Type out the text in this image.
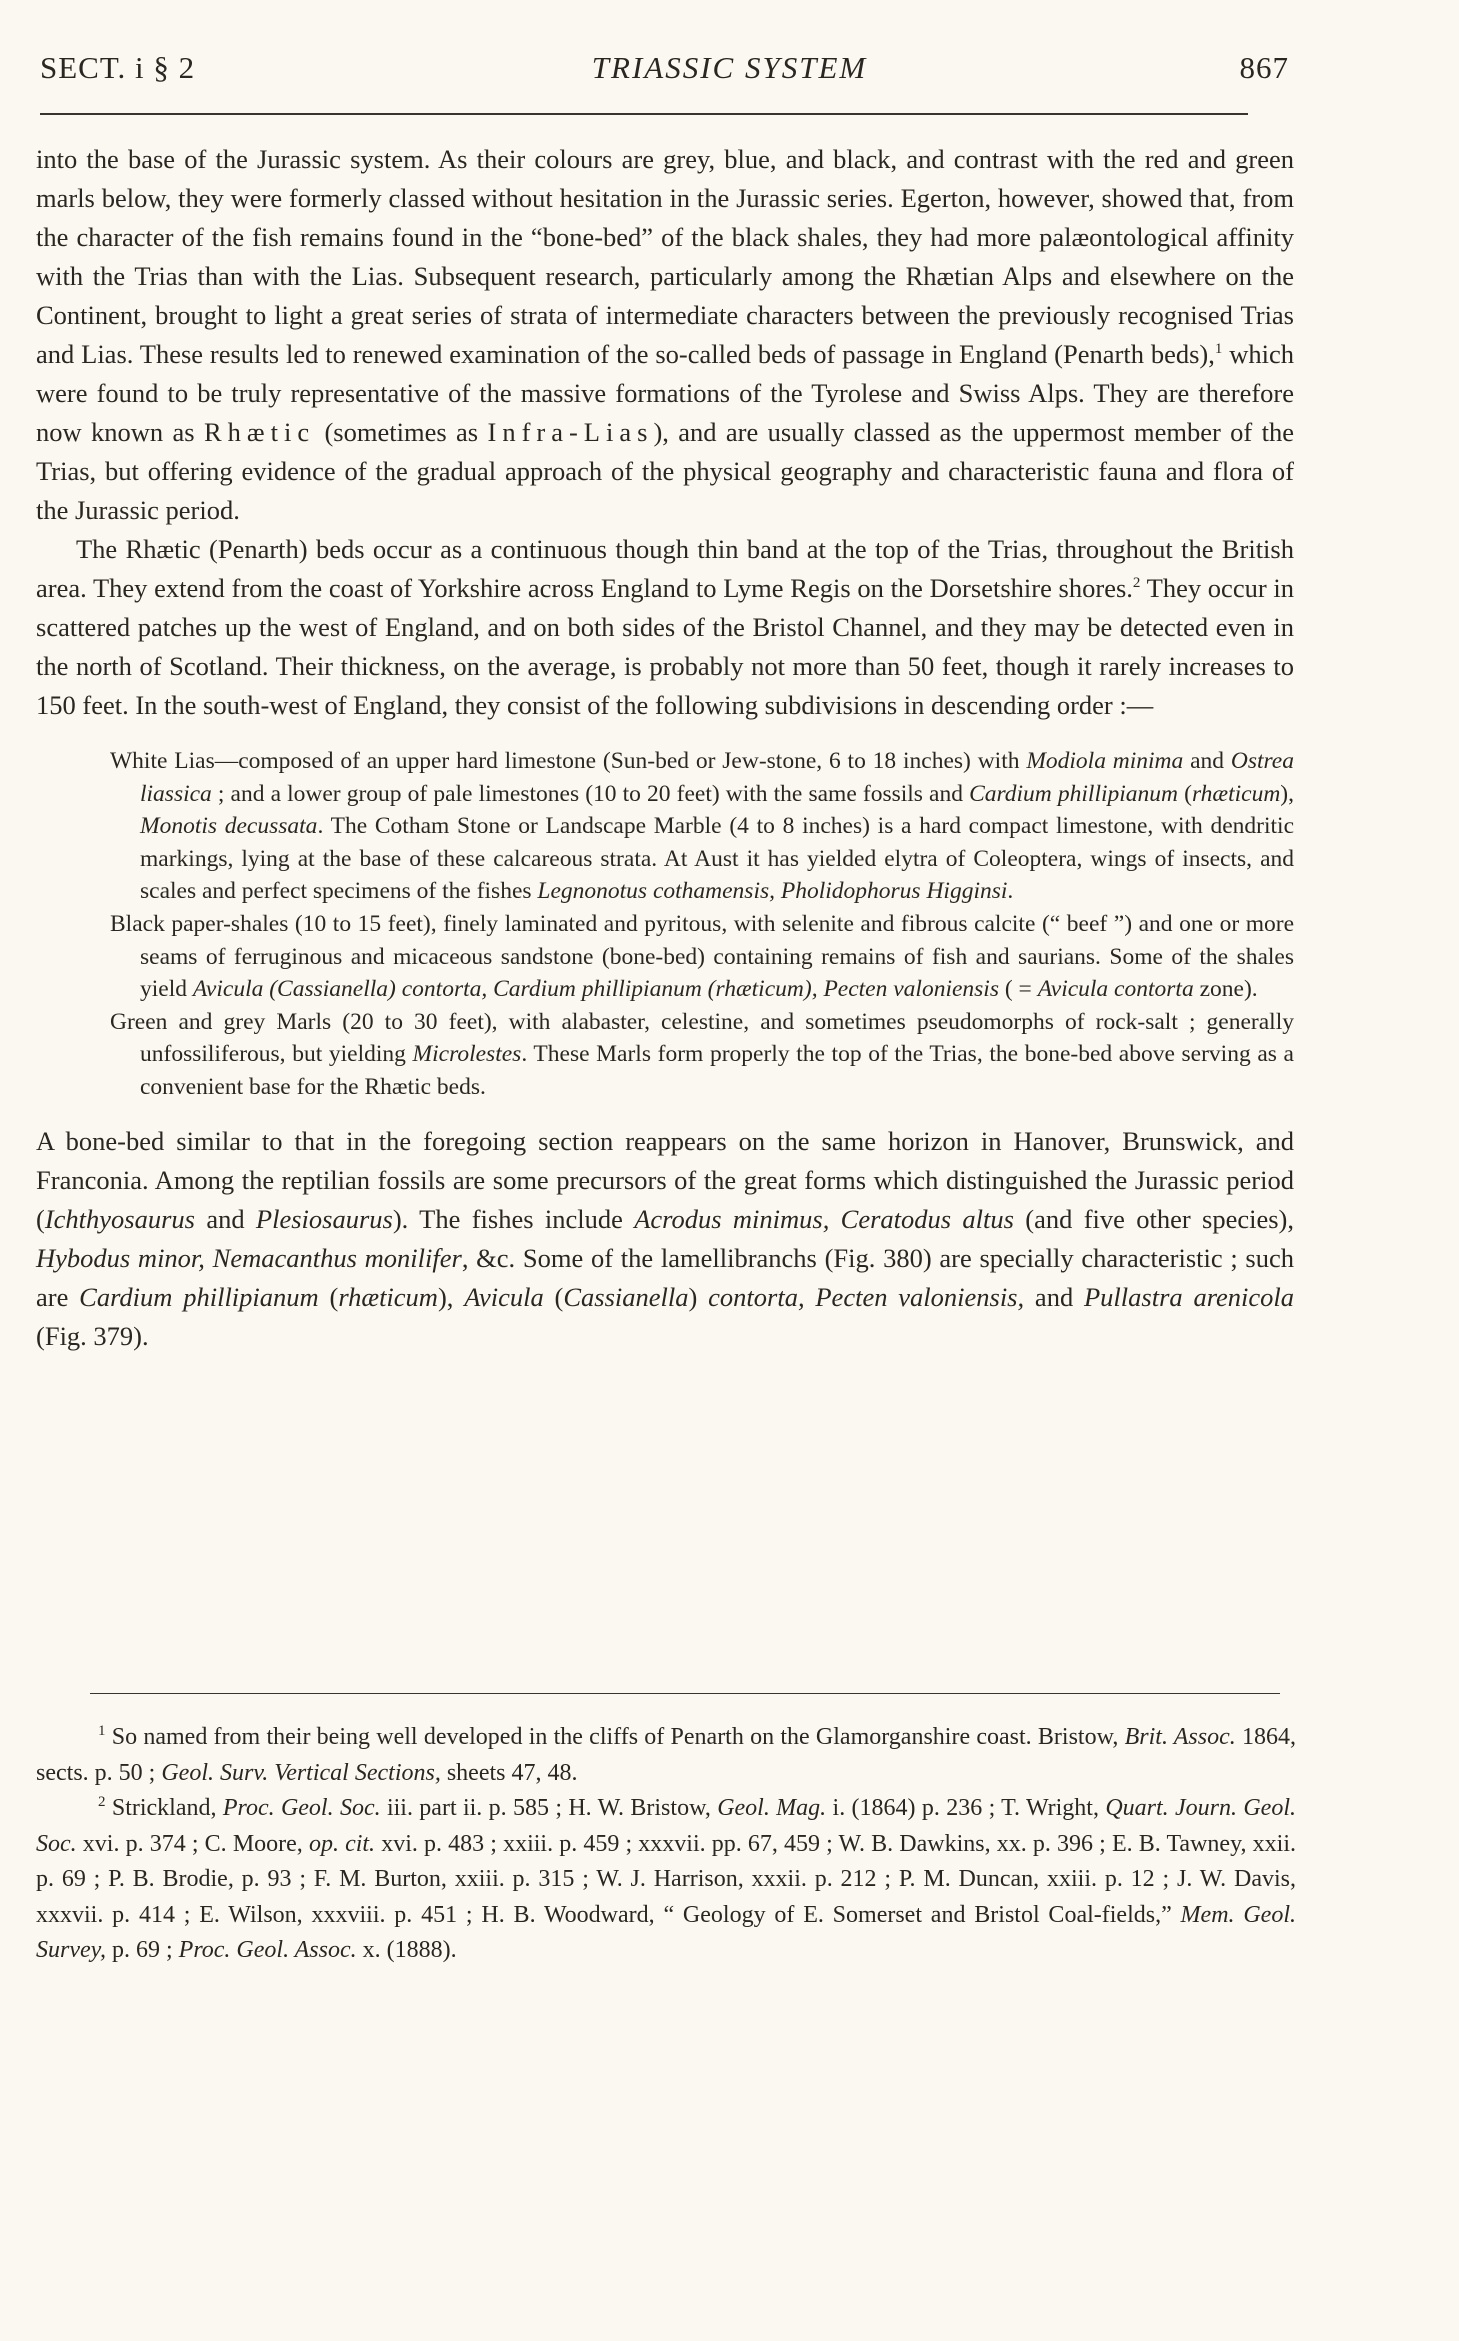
SECT. i § 2	TRIASSIC SYSTEM	867

into the base of the Jurassic system. As their colours are grey, blue, and black, and contrast with the red and green marls below, they were formerly classed without hesitation in the Jurassic series. Egerton, however, showed that, from the character of the fish remains found in the “bone-bed” of the black shales, they had more palæontological affinity with the Trias than with the Lias. Subsequent research, particularly among the Rhætian Alps and elsewhere on the Continent, brought to light a great series of strata of intermediate characters between the previously recognised Trias and Lias. These results led to renewed examination of the so-called beds of passage in England (Penarth beds),$^1$ which were found to be truly representative of the massive formations of the Tyrolese and Swiss Alps. They are therefore now known as Rhætic (sometimes as Infra-Lias), and are usually classed as the uppermost member of the Trias, but offering evidence of the gradual approach of the physical geography and characteristic fauna and flora of the Jurassic period.

The Rhætic (Penarth) beds occur as a continuous though thin band at the top of the Trias, throughout the British area. They extend from the coast of Yorkshire across England to Lyme Regis on the Dorsetshire shores.$^2$ They occur in scattered patches up the west of England, and on both sides of the Bristol Channel, and they may be detected even in the north of Scotland. Their thickness, on the average, is probably not more than 50 feet, though it rarely increases to 150 feet. In the south-west of England, they consist of the following subdivisions in descending order :—

White Lias—composed of an upper hard limestone (Sun-bed or Jew-stone, 6 to 18 inches) with Modiola minima and Ostrea liassica ; and a lower group of pale limestones (10 to 20 feet) with the same fossils and Cardium phillipianum (rhæticum), Monotis decussata. The Cotham Stone or Landscape Marble (4 to 8 inches) is a hard compact limestone, with dendritic markings, lying at the base of these calcareous strata. At Aust it has yielded elytra of Coleoptera, wings of insects, and scales and perfect specimens of the fishes Legnonotus cothamensis, Pholidophorus Higginsi.

Black paper-shales (10 to 15 feet), finely laminated and pyritous, with selenite and fibrous calcite (“ beef ”) and one or more seams of ferruginous and micaceous sandstone (bone-bed) containing remains of fish and saurians. Some of the shales yield Avicula (Cassianella) contorta, Cardium phillipianum (rhæticum), Pecten valoniensis ( = Avicula contorta zone).

Green and grey Marls (20 to 30 feet), with alabaster, celestine, and sometimes pseudomorphs of rock-salt ; generally unfossiliferous, but yielding Microlestes. These Marls form properly the top of the Trias, the bone-bed above serving as a convenient base for the Rhætic beds.

A bone-bed similar to that in the foregoing section reappears on the same horizon in Hanover, Brunswick, and Franconia. Among the reptilian fossils are some precursors of the great forms which distinguished the Jurassic period (Ichthyosaurus and Plesiosaurus). The fishes include Acrodus minimus, Ceratodus altus (and five other species), Hybodus minor, Nemacanthus monilifer, &c. Some of the lamellibranchs (Fig. 380) are specially characteristic ; such are Cardium phillipianum (rhæticum), Avicula (Cassianella) contorta, Pecten valoniensis, and Pullastra arenicola (Fig. 379).

$^1$ So named from their being well developed in the cliffs of Penarth on the Glamorganshire coast. Bristow, Brit. Assoc. 1864, sects. p. 50 ; Geol. Surv. Vertical Sections, sheets 47, 48.

$^2$ Strickland, Proc. Geol. Soc. iii. part ii. p. 585 ; H. W. Bristow, Geol. Mag. i. (1864) p. 236 ; T. Wright, Quart. Journ. Geol. Soc. xvi. p. 374 ; C. Moore, op. cit. xvi. p. 483 ; xxiii. p. 459 ; xxxvii. pp. 67, 459 ; W. B. Dawkins, xx. p. 396 ; E. B. Tawney, xxii. p. 69 ; P. B. Brodie, p. 93 ; F. M. Burton, xxiii. p. 315 ; W. J. Harrison, xxxii. p. 212 ; P. M. Duncan, xxiii. p. 12 ; J. W. Davis, xxxvii. p. 414 ; E. Wilson, xxxviii. p. 451 ; H. B. Woodward, “ Geology of E. Somerset and Bristol Coal-fields,” Mem. Geol. Survey, p. 69 ; Proc. Geol. Assoc. x. (1888).
